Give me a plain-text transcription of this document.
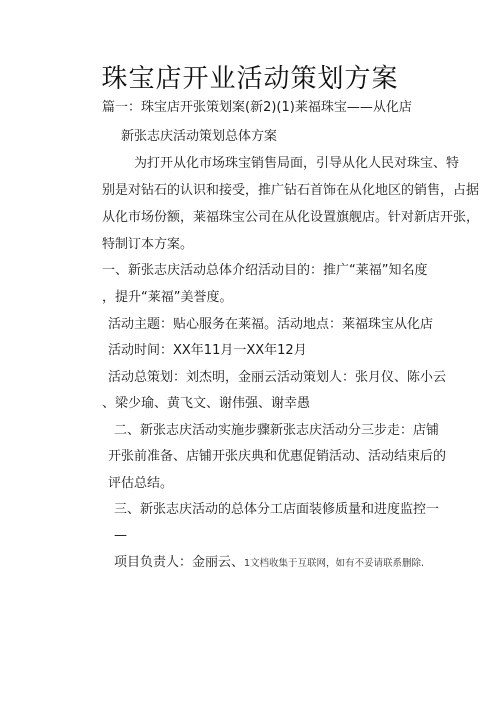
珠宝店开业活动策划方案
篇一：珠宝店开张策划案(新2)(1)莱福珠宝——从化店
新张志庆活动策划总体方案
为打开从化市场珠宝销售局面，引导从化人民对珠宝、特
别是对钻石的认识和接受，推广钻石首饰在从化地区的销售，占据
从化市场份额，莱福珠宝公司在从化设置旗舰店。针对新店开张，
特制订本方案。
一、新张志庆活动总体介绍活动目的：推广“莱福”知名度
，提升“莱福”美誉度。
活动主题：贴心服务在莱福。活动地点：莱福珠宝从化店
活动时间：XX年11月一XX年12月
活动总策划：刘杰明，金丽云活动策划人：张月仪、陈小云
、梁少瑜、黄飞文、谢伟强、谢幸愚
二、新张志庆活动实施步骤新张志庆活动分三步走：店铺
开张前准备、店铺开张庆典和优惠促销活动、活动结束后的
评估总结。
三、新张志庆活动的总体分工店面装修质量和进度监控一
—
项目负责人：金丽云、1文档收集于互联网，如有不妥请联系删除.
